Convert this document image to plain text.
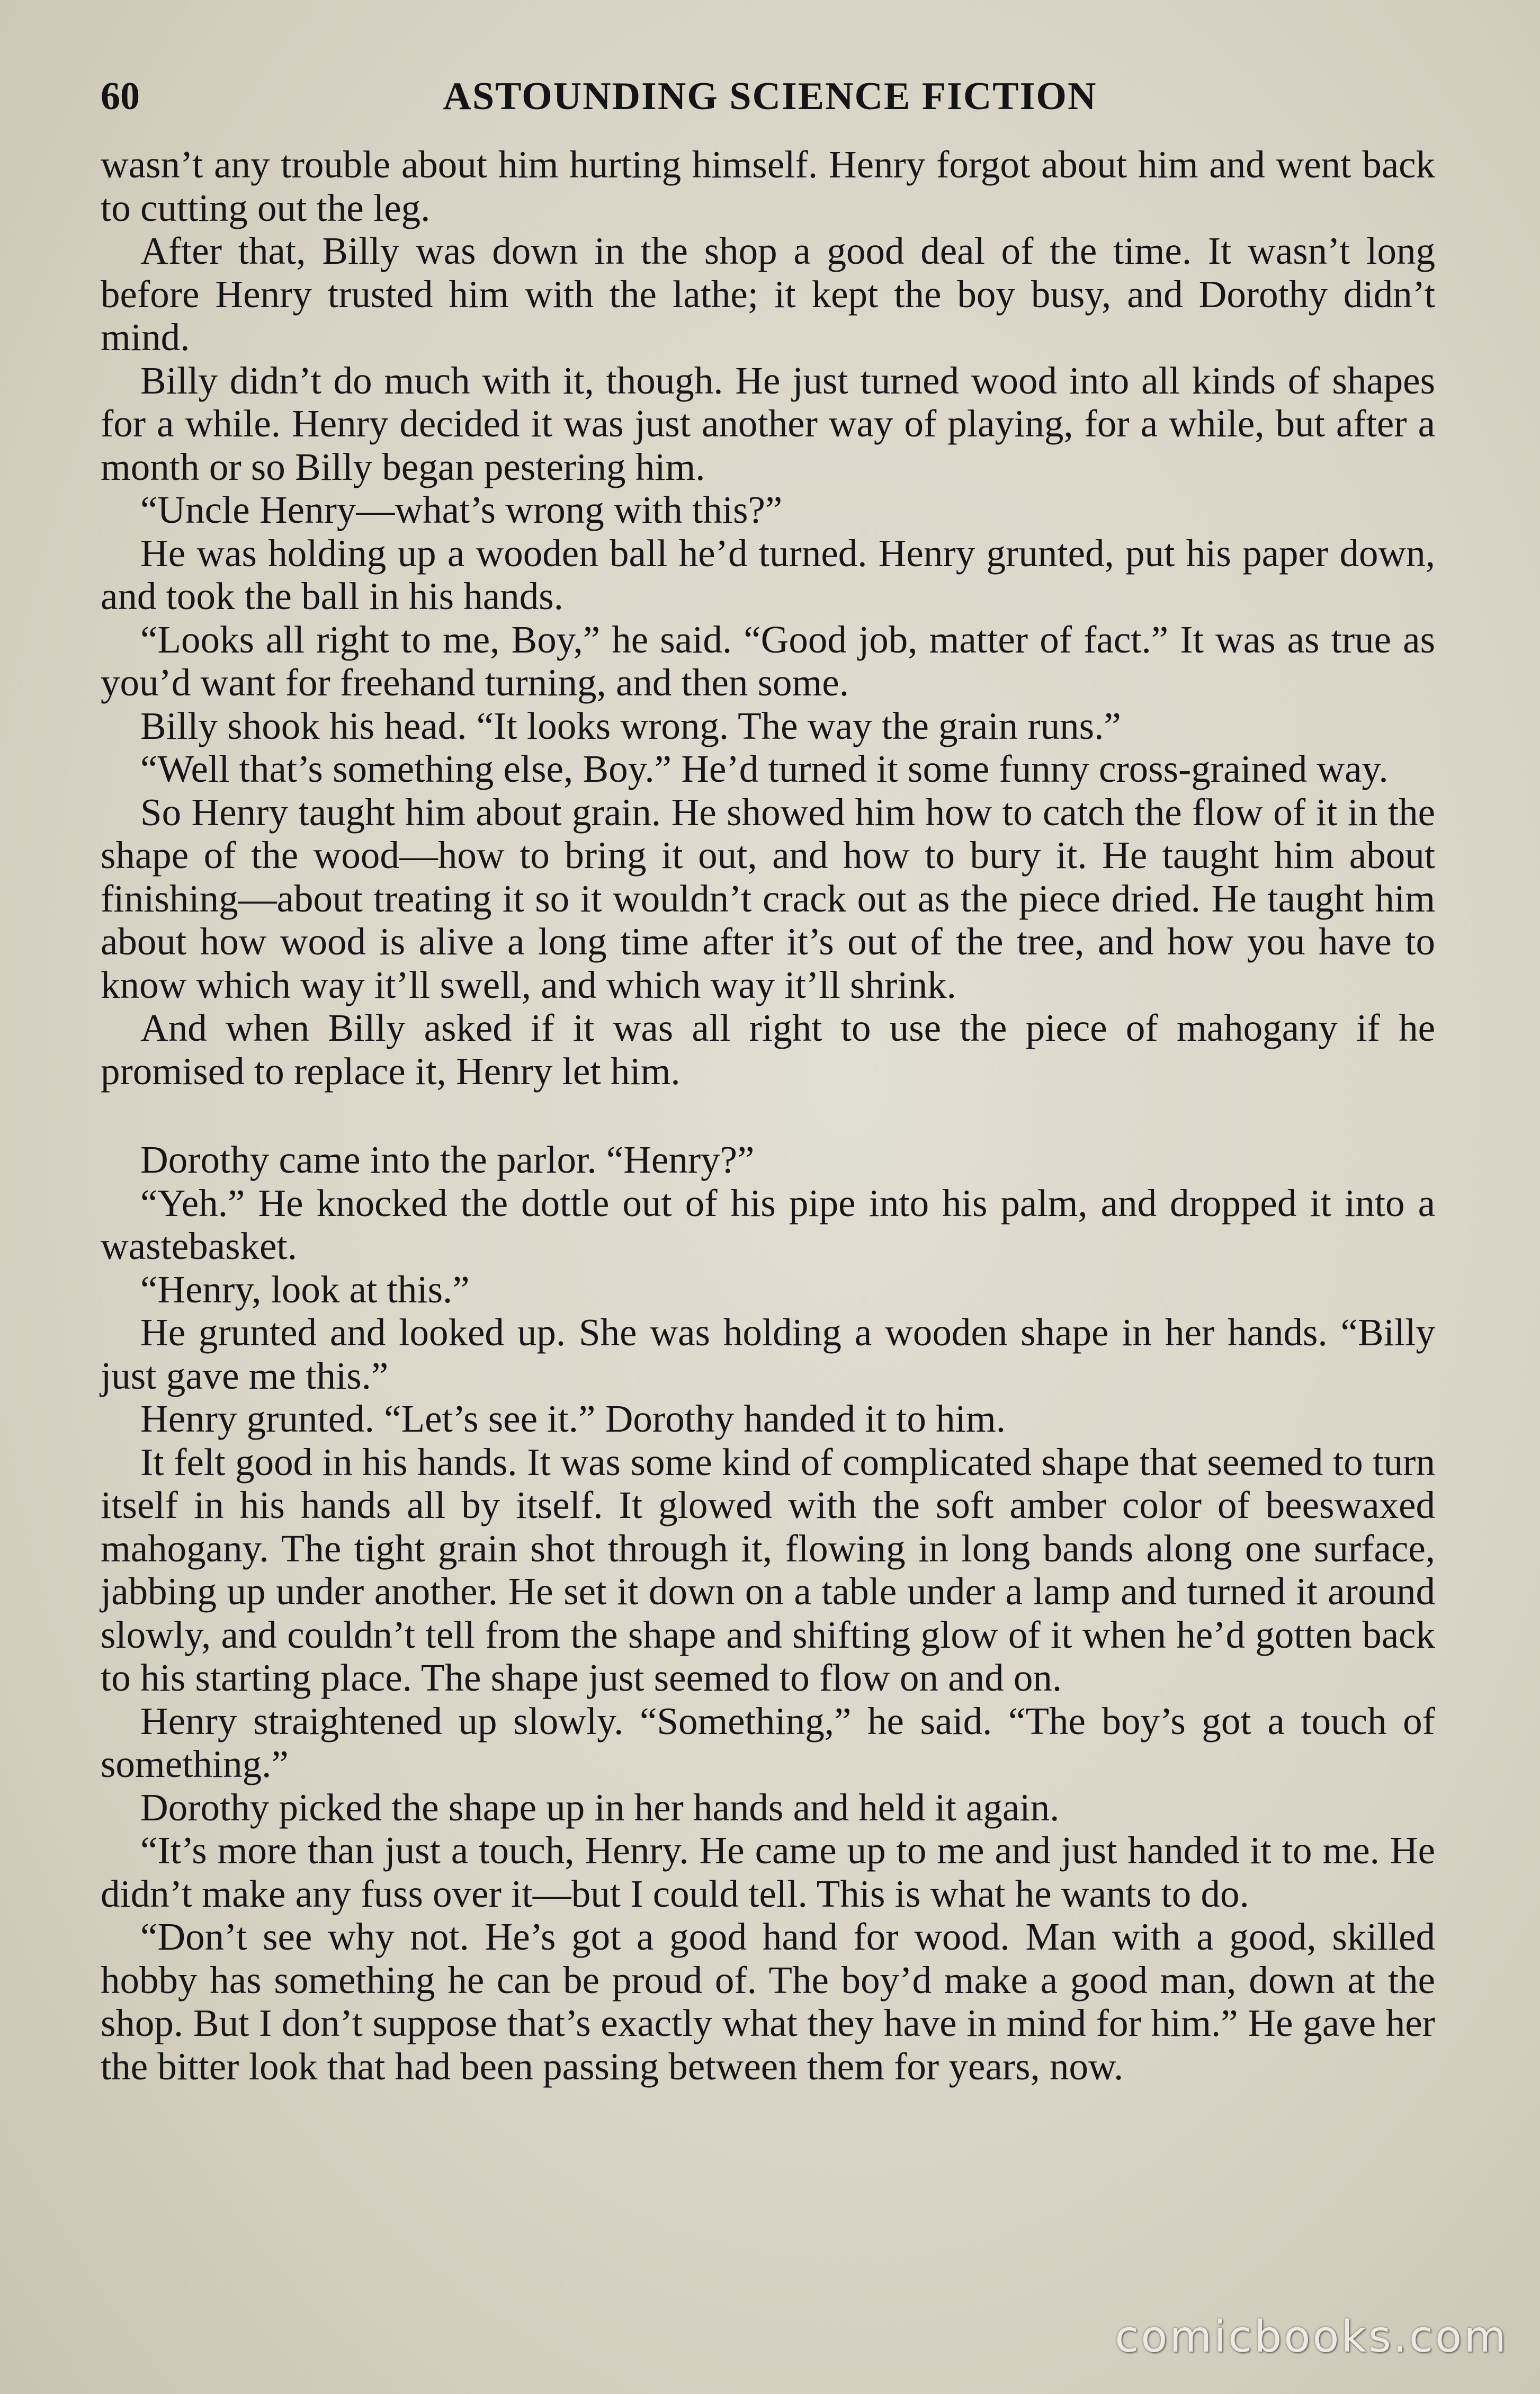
60	ASTOUNDING SCIENCE FICTION

wasn’t any trouble about him hurting himself. Henry forgot about him and went back to cutting out the leg.

After that, Billy was down in the shop a good deal of the time. It wasn’t long before Henry trusted him with the lathe; it kept the boy busy, and Dorothy didn’t mind.

Billy didn’t do much with it, though. He just turned wood into all kinds of shapes for a while. Henry decided it was just another way of playing, for a while, but after a month or so Billy began pestering him.

“Uncle Henry—what’s wrong with this?”

He was holding up a wooden ball he’d turned. Henry grunted, put his paper down, and took the ball in his hands.

“Looks all right to me, Boy,” he said. “Good job, matter of fact.” It was as true as you’d want for freehand turning, and then some.

Billy shook his head. “It looks wrong. The way the grain runs.”

“Well that’s something else, Boy.” He’d turned it some funny cross-grained way.

So Henry taught him about grain. He showed him how to catch the flow of it in the shape of the wood—how to bring it out, and how to bury it. He taught him about finishing—about treating it so it wouldn’t crack out as the piece dried. He taught him about how wood is alive a long time after it’s out of the tree, and how you have to know which way it’ll swell, and which way it’ll shrink.

And when Billy asked if it was all right to use the piece of mahogany if he promised to replace it, Henry let him.

Dorothy came into the parlor. “Henry?”

“Yeh.” He knocked the dottle out of his pipe into his palm, and dropped it into a wastebasket.

“Henry, look at this.”

He grunted and looked up. She was holding a wooden shape in her hands. “Billy just gave me this.”

Henry grunted. “Let’s see it.” Dorothy handed it to him.

It felt good in his hands. It was some kind of complicated shape that seemed to turn itself in his hands all by itself. It glowed with the soft amber color of beeswaxed mahogany. The tight grain shot through it, flowing in long bands along one surface, jabbing up under another. He set it down on a table under a lamp and turned it around slowly, and couldn’t tell from the shape and shifting glow of it when he’d gotten back to his starting place. The shape just seemed to flow on and on.

Henry straightened up slowly. “Something,” he said. “The boy’s got a touch of something.”

Dorothy picked the shape up in her hands and held it again.

“It’s more than just a touch, Henry. He came up to me and just handed it to me. He didn’t make any fuss over it—but I could tell. This is what he wants to do.

“Don’t see why not. He’s got a good hand for wood. Man with a good, skilled hobby has something he can be proud of. The boy’d make a good man, down at the shop. But I don’t suppose that’s exactly what they have in mind for him.” He gave her the bitter look that had been passing between them for years, now.

comicbooks.com
